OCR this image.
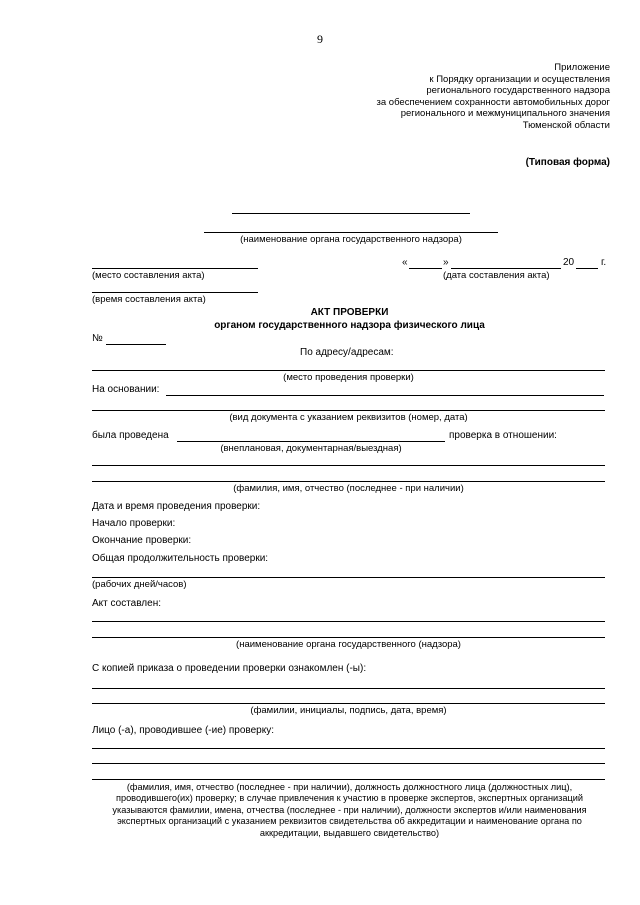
9
Приложение
к Порядку организации и осуществления
регионального государственного надзора
за обеспечением сохранности автомобильных дорог
регионального и межмуниципального значения
Тюменской области
(Типовая форма)
(наименование органа государственного надзора)
(место составления акта)
«	»	20	г.
(дата составления акта)
(время составления акта)
АКТ ПРОВЕРКИ
органом государственного надзора физического лица
№
По адресу/адресам:
(место проведения проверки)
На основании:
(вид документа с указанием реквизитов (номер, дата)
была проведена	проверка в отношении:
(внеплановая, документарная/выездная)
(фамилия, имя, отчество (последнее - при наличии)
Дата и время проведения проверки:
Начало проверки:
Окончание проверки:
Общая продолжительность проверки:
(рабочих дней/часов)
Акт составлен:
(наименование органа государственного (надзора)
С копией приказа о проведении проверки ознакомлен (-ы):
(фамилии, инициалы, подпись, дата, время)
Лицо (-а), проводившее (-ие) проверку:
(фамилия, имя, отчество (последнее - при наличии), должность должностного лица (должностных лиц), проводившего(их) проверку; в случае привлечения к участию в проверке экспертов, экспертных организаций указываются фамилии, имена, отчества (последнее - при наличии), должности экспертов и/или наименования экспертных организаций с указанием реквизитов свидетельства об аккредитации и наименование органа по аккредитации, выдавшего свидетельство)
